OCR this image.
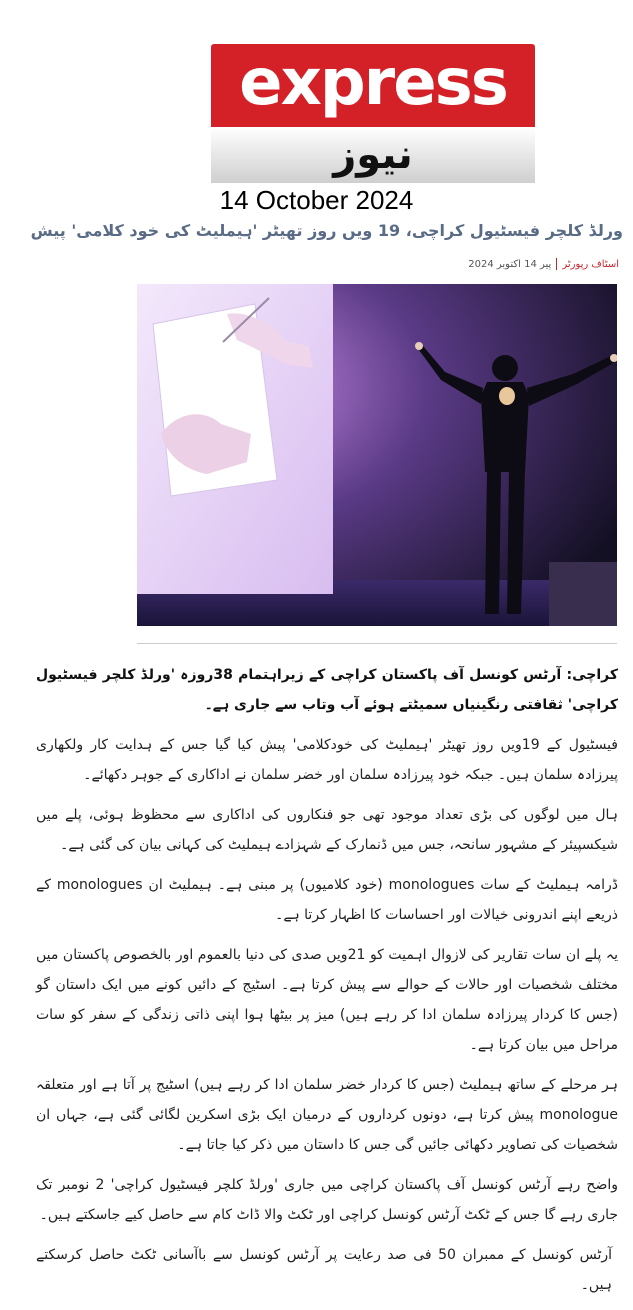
express
نیوز
14 October 2024
ورلڈ کلچر فیسٹیول کراچی، 19 ویں روز تھیٹر 'ہیملیٹ کی خود کلامی' پیش
اسٹاف رپورٹرپير 14 اکتوبر 2024

کراچی: آرٹس کونسل آف پاکستان کراچی کے زیراہتمام 38روزہ 'ورلڈ کلچر فیسٹیول کراچی' ثقافتی رنگینیاں سمیٹتے ہوئے آب وتاب سے جاری ہے۔

فیسٹیول کے 19ویں روز تھیٹر 'ہیملیٹ کی خودکلامی' پیش کیا گیا جس کے ہدایت کار ولکھاری پیرزادہ سلمان ہیں۔ جبکہ خود پیرزادہ سلمان اور خضر سلمان نے اداکاری کے جوہر دکھائے۔

ہال میں لوگوں کی بڑی تعداد موجود تھی جو فنکاروں کی اداکاری سے محظوظ ہوئی، پلے میں شیکسپیئر کے مشہور سانحہ، جس میں ڈنمارک کے شہزادے ہیملیٹ کی کہانی بیان کی گئی ہے۔

ڈرامہ ہیملیٹ کے سات monologues (خود کلامیوں) پر مبنی ہے۔ ہیملیٹ ان monologues کے ذریعے اپنے اندرونی خیالات اور احساسات کا اظہار کرتا ہے۔

یہ پلے ان سات تقاریر کی لازوال اہمیت کو 21ویں صدی کی دنیا بالعموم اور بالخصوص پاکستان میں مختلف شخصیات اور حالات کے حوالے سے پیش کرتا ہے۔ اسٹیج کے دائیں کونے میں ایک داستان گو (جس کا کردار پیرزادہ سلمان ادا کر رہے ہیں) میز پر بیٹھا ہوا اپنی ذاتی زندگی کے سفر کو سات مراحل میں بیان کرتا ہے۔

ہر مرحلے کے ساتھ ہیملیٹ (جس کا کردار خضر سلمان ادا کر رہے ہیں) اسٹیج پر آتا ہے اور متعلقہ monologue پیش کرتا ہے، دونوں کرداروں کے درمیان ایک بڑی اسکرین لگائی گئی ہے، جہاں ان شخصیات کی تصاویر دکھائی جائیں گی جس کا داستان میں ذکر کیا جاتا ہے۔

واضح رہے آرٹس کونسل آف پاکستان کراچی میں جاری 'ورلڈ کلچر فیسٹیول کراچی' 2 نومبر تک جاری رہے گا جس کے ٹکٹ آرٹس کونسل کراچی اور ٹکٹ والا ڈاٹ کام سے حاصل کیے جاسکتے ہیں۔

آرٹس کونسل کے ممبران 50 فی صد رعایت پر آرٹس کونسل سے باآسانی ٹکٹ حاصل کرسکتے ہیں۔
